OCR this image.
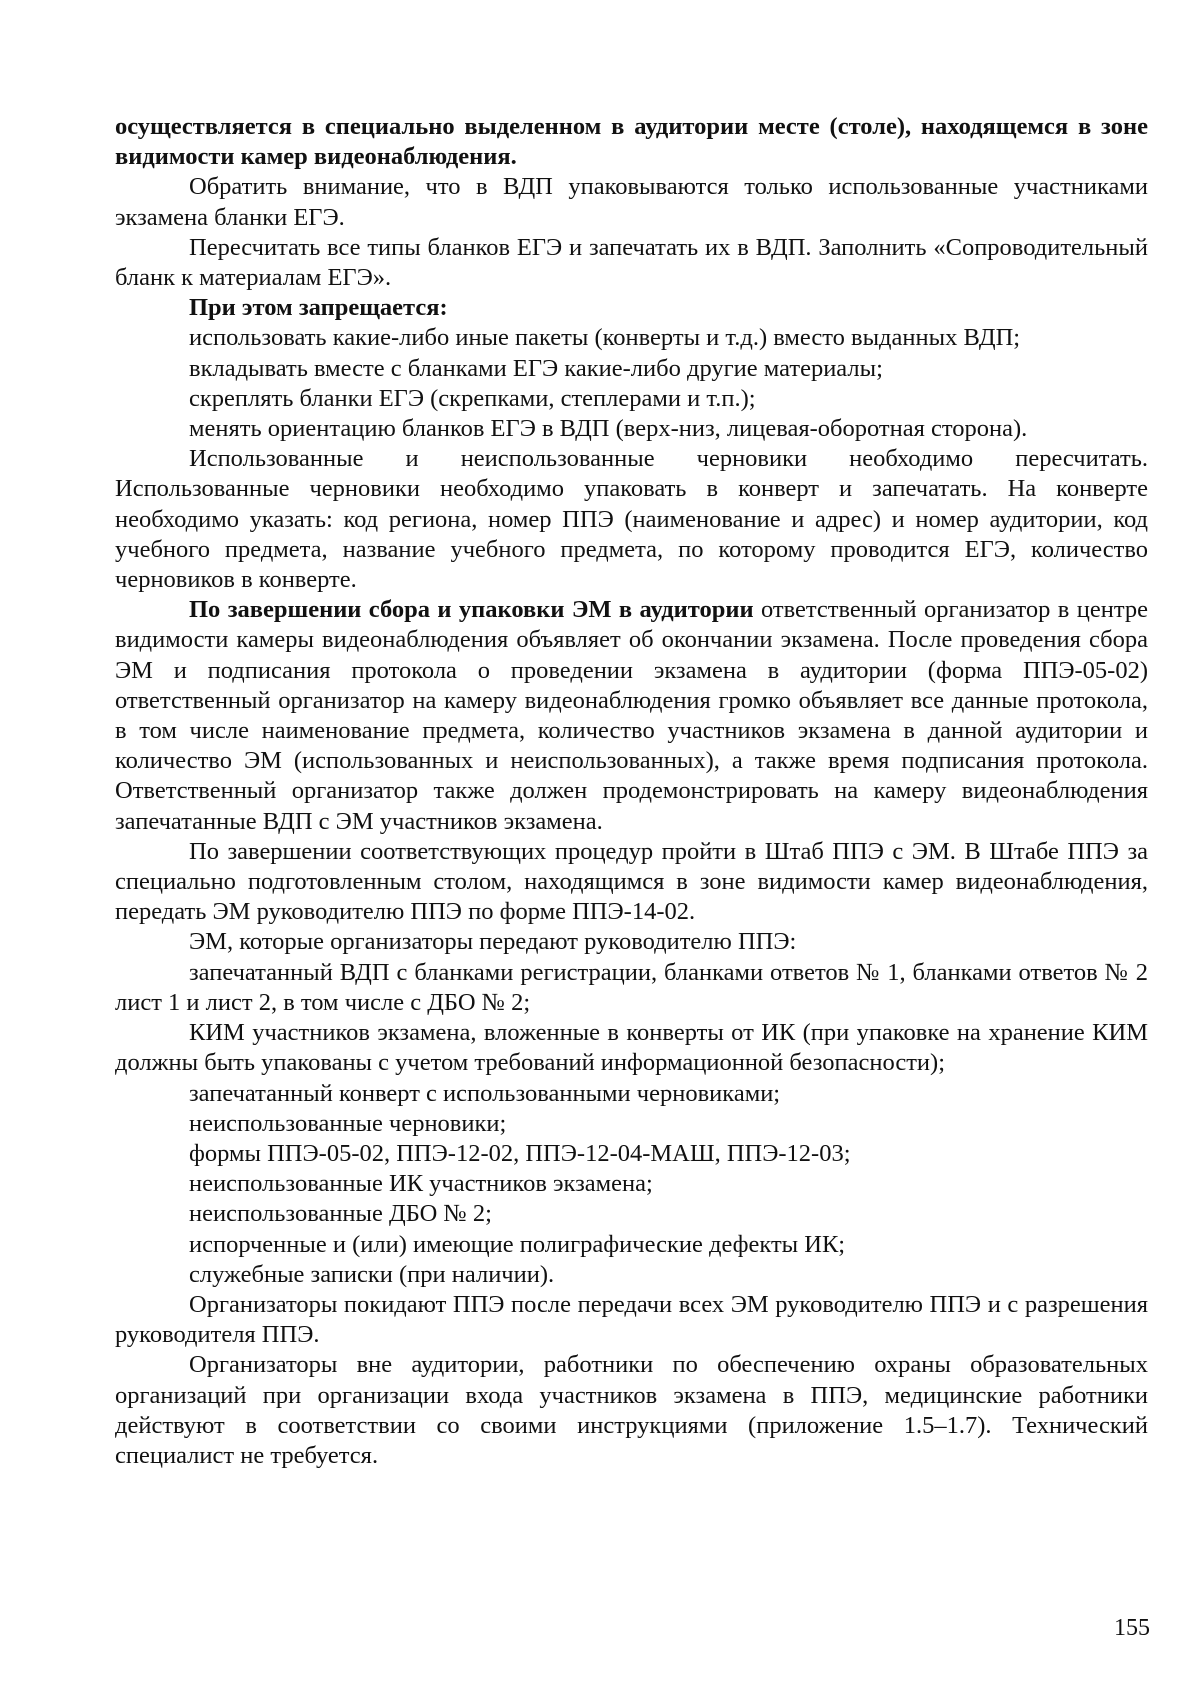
осуществляется в специально выделенном в аудитории месте (столе), находящемся в зоне видимости камер видеонаблюдения.

Обратить внимание, что в ВДП упаковываются только использованные участниками экзамена бланки ЕГЭ.

Пересчитать все типы бланков ЕГЭ и запечатать их в ВДП. Заполнить «Сопроводительный бланк к материалам ЕГЭ».

При этом запрещается:

использовать какие-либо иные пакеты (конверты и т.д.) вместо выданных ВДП;

вкладывать вместе с бланками ЕГЭ какие-либо другие материалы;

скреплять бланки ЕГЭ (скрепками, степлерами и т.п.);

менять ориентацию бланков ЕГЭ в ВДП (верх-низ, лицевая-оборотная сторона).

Использованные и неиспользованные черновики необходимо пересчитать. Использованные черновики необходимо упаковать в конверт и запечатать. На конверте необходимо указать: код региона, номер ППЭ (наименование и адрес) и номер аудитории, код учебного предмета, название учебного предмета, по которому проводится ЕГЭ, количество черновиков в конверте.

По завершении сбора и упаковки ЭМ в аудитории ответственный организатор в центре видимости камеры видеонаблюдения объявляет об окончании экзамена. После проведения сбора ЭМ и подписания протокола о проведении экзамена в аудитории (форма ППЭ-05-02) ответственный организатор на камеру видеонаблюдения громко объявляет все данные протокола, в том числе наименование предмета, количество участников экзамена в данной аудитории и количество ЭМ (использованных и неиспользованных), а также время подписания протокола. Ответственный организатор также должен продемонстрировать на камеру видеонаблюдения запечатанные ВДП с ЭМ участников экзамена.

По завершении соответствующих процедур пройти в Штаб ППЭ с ЭМ. В Штабе ППЭ за специально подготовленным столом, находящимся в зоне видимости камер видеонаблюдения, передать ЭМ руководителю ППЭ по форме ППЭ-14-02.

ЭМ, которые организаторы передают руководителю ППЭ:

запечатанный ВДП с бланками регистрации, бланками ответов № 1, бланками ответов № 2 лист 1 и лист 2, в том числе с ДБО № 2;

КИМ участников экзамена, вложенные в конверты от ИК (при упаковке на хранение КИМ должны быть упакованы с учетом требований информационной безопасности);

запечатанный конверт с использованными черновиками;

неиспользованные черновики;

формы ППЭ-05-02, ППЭ-12-02, ППЭ-12-04-МАШ, ППЭ-12-03;

неиспользованные ИК участников экзамена;

неиспользованные ДБО № 2;

испорченные и (или) имеющие полиграфические дефекты ИК;

служебные записки (при наличии).

Организаторы покидают ППЭ после передачи всех ЭМ руководителю ППЭ и с разрешения руководителя ППЭ.

Организаторы вне аудитории, работники по обеспечению охраны образовательных организаций при организации входа участников экзамена в ППЭ, медицинские работники действуют в соответствии со своими инструкциями (приложение 1.5–1.7). Технический специалист не требуется.

155
